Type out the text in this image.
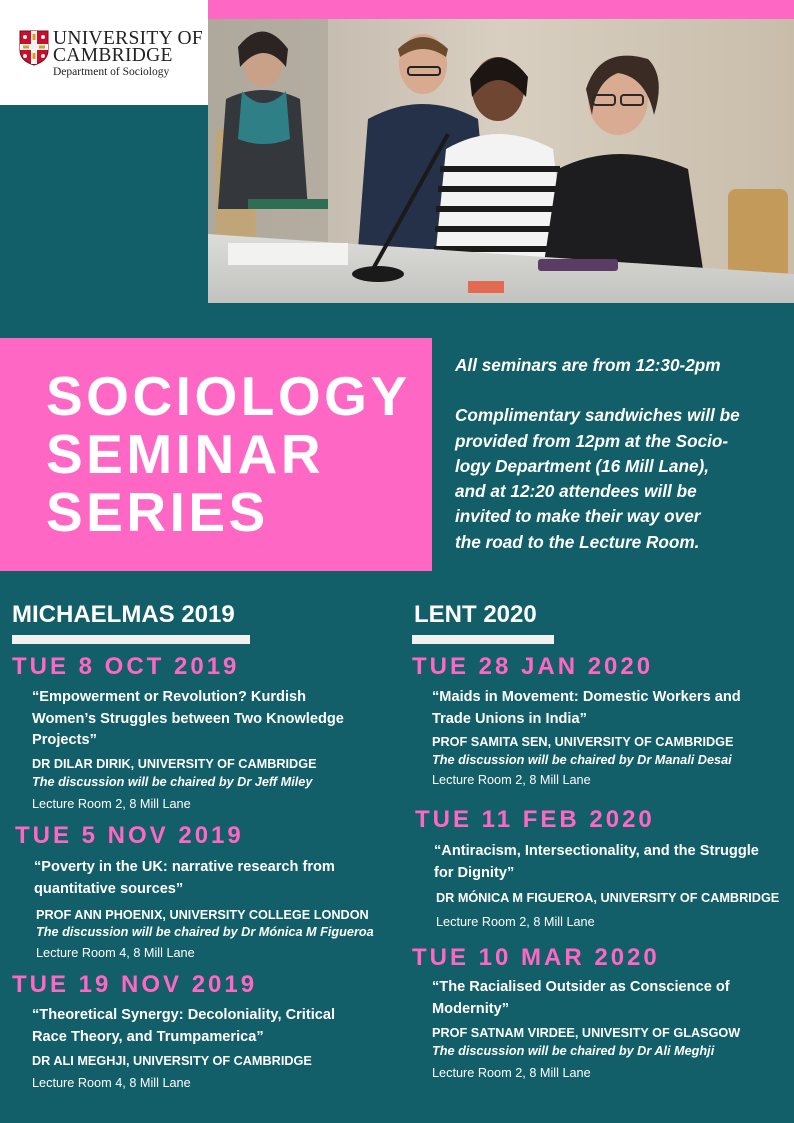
UNIVERSITY OF
CAMBRIDGE
Department of Sociology
SOCIOLOGY
SEMINAR
SERIES

All seminars are from 12:30-2pm

Complimentary sandwiches will be
provided from 12pm at the Socio-
logy Department (16 Mill Lane),
and at 12:20 attendees will be
invited to make their way over
the road to the Lecture Room.

MICHAELMAS 2019
TUE 8 OCT 2019
“Empowerment or Revolution? Kurdish
Women’s Struggles between Two Knowledge
Projects”
DR DILAR DIRIK, UNIVERSITY OF CAMBRIDGE
The discussion will be chaired by Dr Jeff Miley
Lecture Room 2, 8 Mill Lane
TUE 5 NOV 2019
“Poverty in the UK: narrative research from
quantitative sources”
PROF ANN PHOENIX, UNIVERSITY COLLEGE LONDON
The discussion will be chaired by Dr Mónica M Figueroa
Lecture Room 4, 8 Mill Lane
TUE 19 NOV 2019
“Theoretical Synergy: Decoloniality, Critical
Race Theory, and Trumpamerica”
DR ALI MEGHJI, UNIVERSITY OF CAMBRIDGE
Lecture Room 4, 8 Mill Lane
LENT 2020
TUE 28 JAN 2020
“Maids in Movement: Domestic Workers and
Trade Unions in India”
PROF SAMITA SEN, UNIVERSITY OF CAMBRIDGE
The discussion will be chaired by Dr Manali Desai
Lecture Room 2, 8 Mill Lane
TUE 11 FEB 2020
“Antiracism, Intersectionality, and the Struggle
for Dignity”
DR MÓNICA M FIGUEROA, UNIVERSITY OF CAMBRIDGE
Lecture Room 2, 8 Mill Lane
TUE 10 MAR 2020
“The Racialised Outsider as Conscience of
Modernity”
PROF SATNAM VIRDEE, UNIVESITY OF GLASGOW
The discussion will be chaired by Dr Ali Meghji
Lecture Room 2, 8 Mill Lane
